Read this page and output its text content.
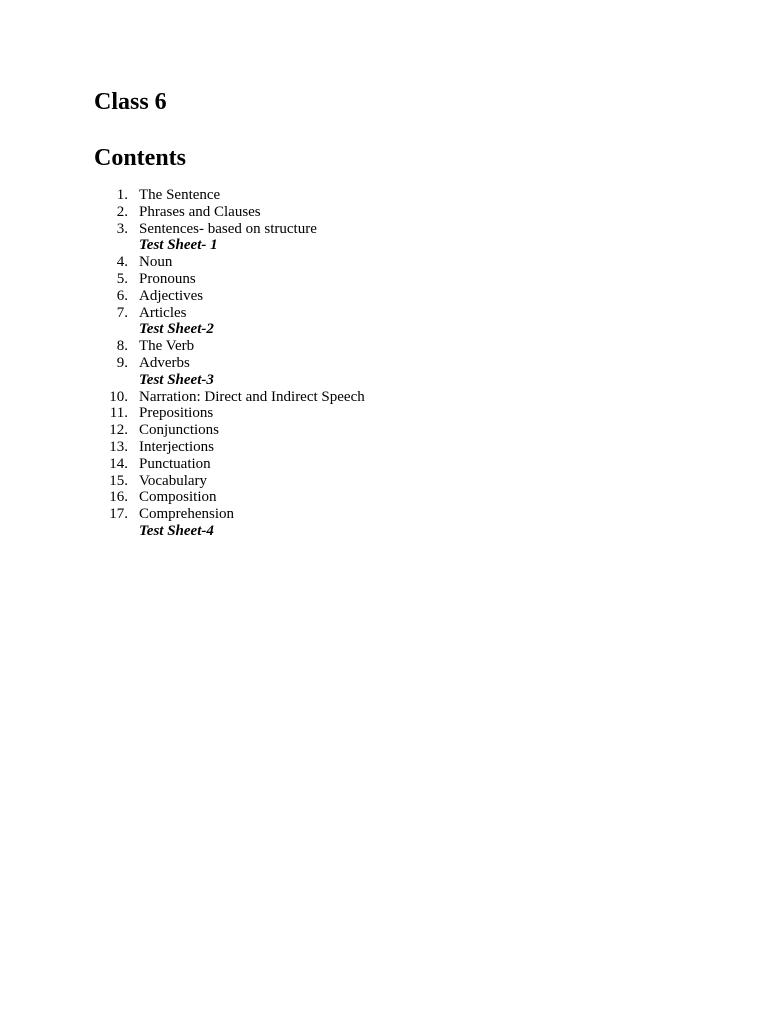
Class 6
Contents
1. The Sentence
2. Phrases and Clauses
3. Sentences- based on structure
Test Sheet- 1
4. Noun
5. Pronouns
6. Adjectives
7. Articles
Test Sheet-2
8. The Verb
9. Adverbs
Test Sheet-3
10. Narration: Direct and Indirect Speech
11. Prepositions
12. Conjunctions
13. Interjections
14. Punctuation
15. Vocabulary
16. Composition
17. Comprehension
Test Sheet-4
